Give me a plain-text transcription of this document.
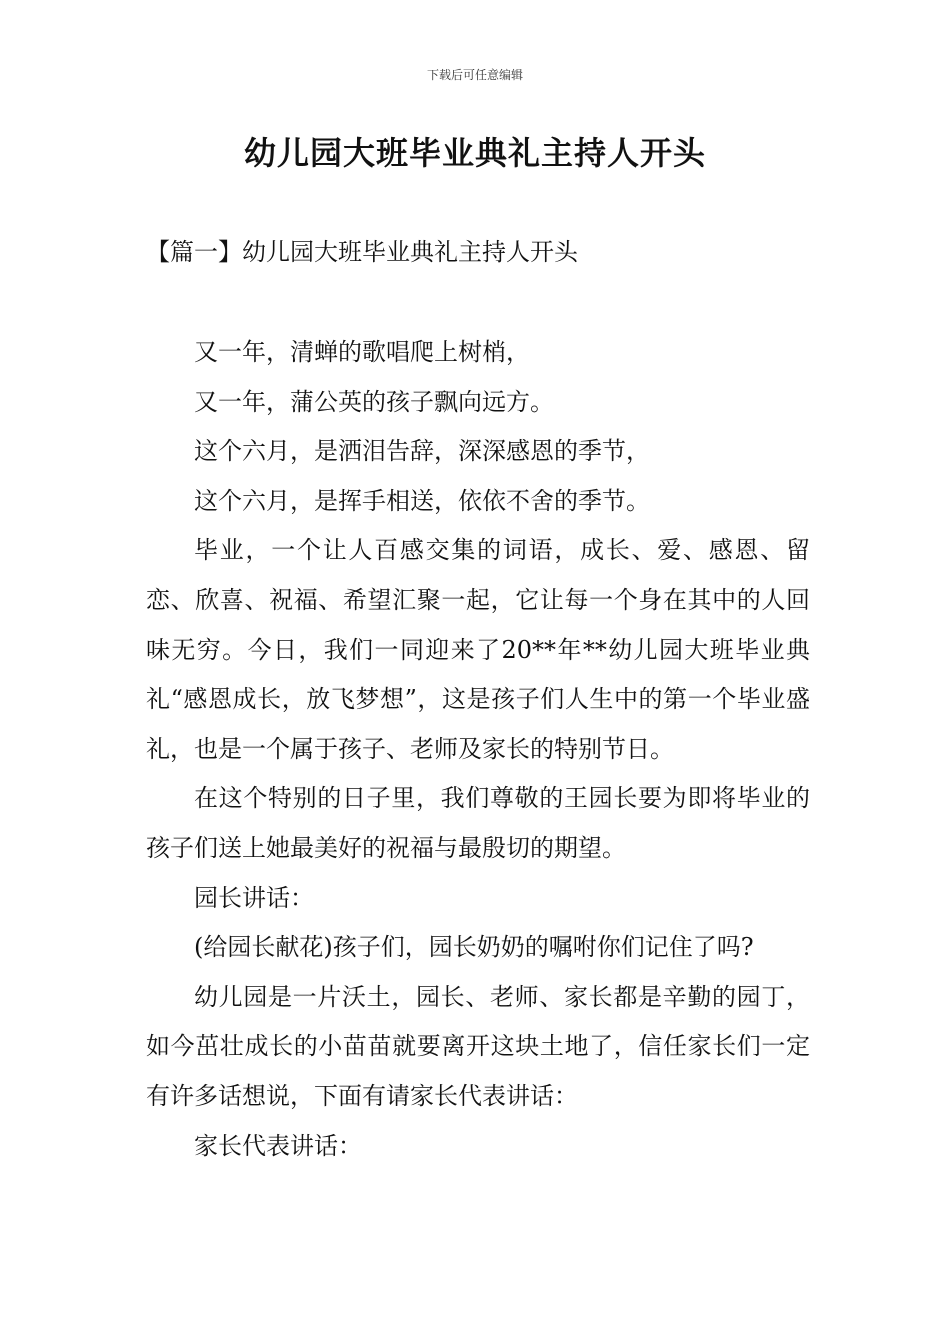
下载后可任意编辑
幼儿园大班毕业典礼主持人开头
【篇一】幼儿园大班毕业典礼主持人开头

又一年，清蝉的歌唱爬上树梢，

又一年，蒲公英的孩子飘向远方。

这个六月，是洒泪告辞，深深感恩的季节，

这个六月，是挥手相送，依依不舍的季节。

毕业，一个让人百感交集的词语，成长、爱、感恩、留恋、欣喜、祝福、希望汇聚一起，它让每一个身在其中的人回味无穷。今日，我们一同迎来了20**年**幼儿园大班毕业典礼“感恩成长，放飞梦想”，这是孩子们人生中的第一个毕业盛礼，也是一个属于孩子、老师及家长的特别节日。

在这个特别的日子里，我们尊敬的王园长要为即将毕业的孩子们送上她最美好的祝福与最殷切的期望。

园长讲话：

(给园长献花)孩子们，园长奶奶的嘱咐你们记住了吗?

幼儿园是一片沃土，园长、老师、家长都是辛勤的园丁，如今茁壮成长的小苗苗就要离开这块土地了，信任家长们一定有许多话想说，下面有请家长代表讲话：

家长代表讲话：
